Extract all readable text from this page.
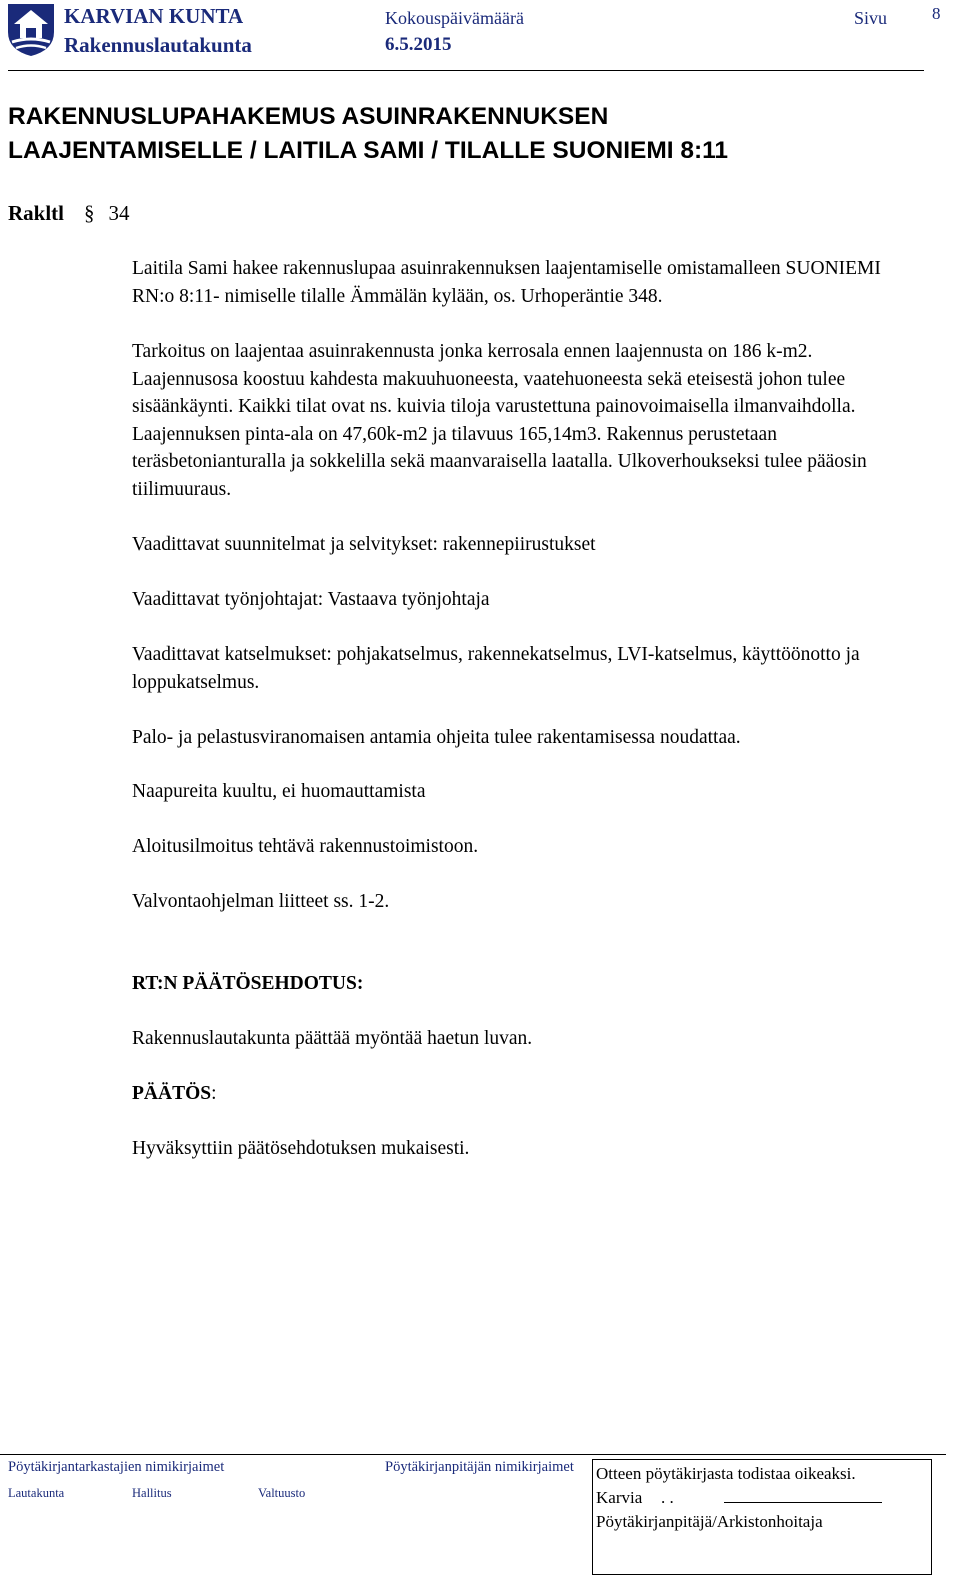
KARVIAN KUNTA
Rakennuslautakunta
Kokouspäivämäärä
6.5.2015
Sivu	8
RAKENNUSLUPAHAKEMUS ASUINRAKENNUKSEN
LAAJENTAMISELLE / LAITILA SAMI / TILALLE SUONIEMI 8:11
Rakltl § 34
Laitila Sami hakee rakennuslupaa asuinrakennuksen laajentamiselle omistamalleen SUONIEMI RN:o 8:11- nimiselle tilalle Ämmälän kylään, os. Urhoperäntie 348.
Tarkoitus on laajentaa asuinrakennusta jonka kerrosala ennen laajennusta on 186 k-m2. Laajennusosa koostuu kahdesta makuuhuoneesta, vaatehuoneesta sekä eteisestä johon tulee sisäänkäynti. Kaikki tilat ovat ns. kuivia tiloja varustettuna painovoimaisella ilmanvaihdolla. Laajennuksen pinta-ala on 47,60k-m2 ja tilavuus 165,14m3. Rakennus perustetaan teräsbetonianturalla ja sokkelilla sekä maanvaraisella laatalla. Ulkoverhoukseksi tulee pääosin tiilimuuraus.
Vaadittavat suunnitelmat ja selvitykset: rakennepiirustukset
Vaadittavat työnjohtajat: Vastaava työnjohtaja
Vaadittavat katselmukset: pohjakatselmus, rakennekatselmus, LVI-katselmus, käyttöönotto ja loppukatselmus.
Palo- ja pelastusviranomaisen antamia ohjeita tulee rakentamisessa noudattaa.
Naapureita kuultu, ei huomauttamista
Aloitusilmoitus tehtävä rakennustoimistoon.
Valvontaohjelman liitteet ss. 1-2.
RT:N PÄÄTÖSEHDOTUS:
Rakennuslautakunta päättää myöntää haetun luvan.
PÄÄTÖS:
Hyväksyttiin päätösehdotuksen mukaisesti.
Pöytäkirjantarkastajien nimikirjaimet	Pöytäkirjanpitäjän nimikirjaimet
Lautakunta	Hallitus	Valtuusto
Otteen pöytäkirjasta todistaa oikeaksi.
Karvia . .
Pöytäkirjanpitäjä/Arkistonhoitaja
